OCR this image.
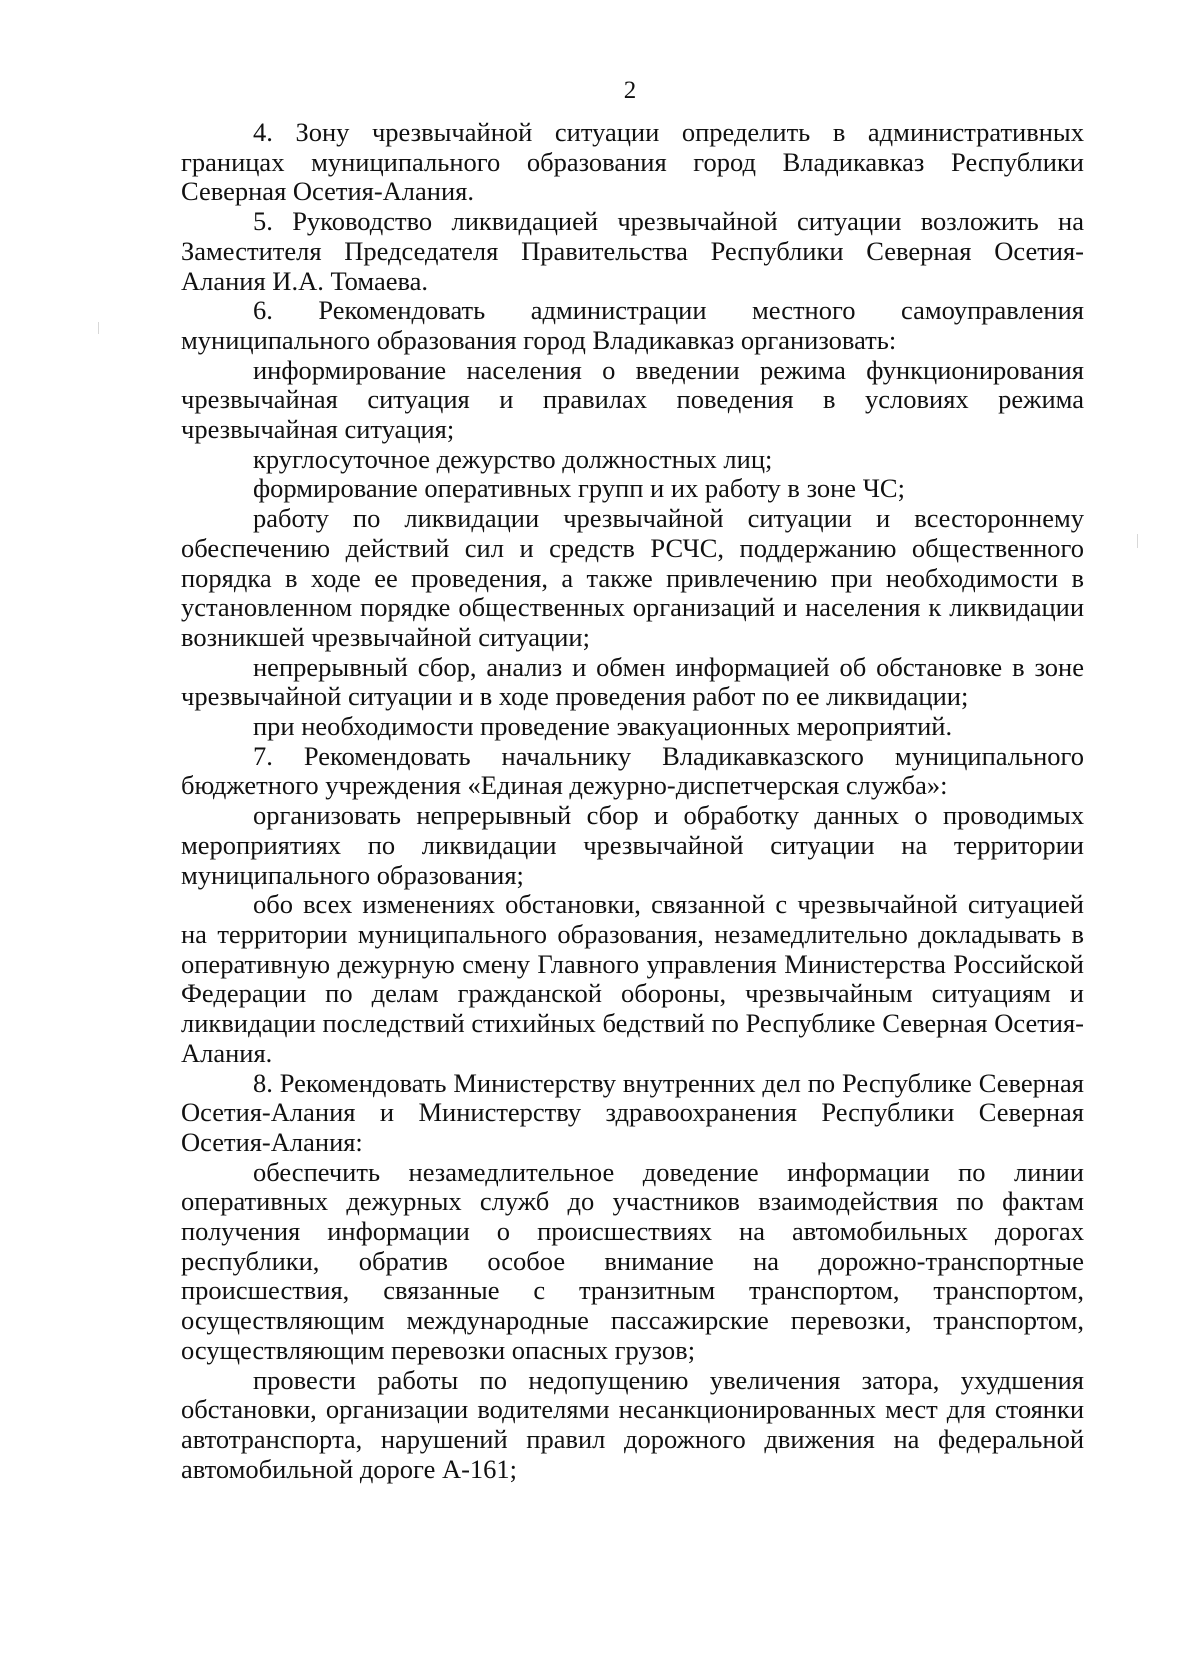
2

4. Зону чрезвычайной ситуации определить в административных границах муниципального образования город Владикавказ Республики Северная Осетия-Алания.

5. Руководство ликвидацией чрезвычайной ситуации возложить на Заместителя Председателя Правительства Республики Северная Осетия-Алания И.А. Томаева.

6. Рекомендовать администрации местного самоуправления муниципального образования город Владикавказ организовать:

информирование населения о введении режима функционирования чрезвычайная ситуация и правилах поведения в условиях режима чрезвычайная ситуация;

круглосуточное дежурство должностных лиц;

формирование оперативных групп и их работу в зоне ЧС;

работу по ликвидации чрезвычайной ситуации и всестороннему обеспечению действий сил и средств РСЧС, поддержанию общественного порядка в ходе ее проведения, а также привлечению при необходимости в установленном порядке общественных организаций и населения к ликвидации возникшей чрезвычайной ситуации;

непрерывный сбор, анализ и обмен информацией об обстановке в зоне чрезвычайной ситуации и в ходе проведения работ по ее ликвидации;

при необходимости проведение эвакуационных мероприятий.

7. Рекомендовать начальнику Владикавказского муниципального бюджетного учреждения «Единая дежурно-диспетчерская служба»:

организовать непрерывный сбор и обработку данных о проводимых мероприятиях по ликвидации чрезвычайной ситуации на территории муниципального образования;

обо всех изменениях обстановки, связанной с чрезвычайной ситуацией на территории муниципального образования, незамедлительно докладывать в оперативную дежурную смену Главного управления Министерства Российской Федерации по делам гражданской обороны, чрезвычайным ситуациям и ликвидации последствий стихийных бедствий по Республике Северная Осетия-Алания.

8. Рекомендовать Министерству внутренних дел по Республике Северная Осетия-Алания и Министерству здравоохранения Республики Северная Осетия-Алания:

обеспечить незамедлительное доведение информации по линии оперативных дежурных служб до участников взаимодействия по фактам получения информации о происшествиях на автомобильных дорогах республики, обратив особое внимание на дорожно-транспортные происшествия, связанные с транзитным транспортом, транспортом, осуществляющим международные пассажирские перевозки, транспортом, осуществляющим перевозки опасных грузов;

провести работы по недопущению увеличения затора, ухудшения обстановки, организации водителями несанкционированных мест для стоянки автотранспорта, нарушений правил дорожного движения на федеральной автомобильной дороге А-161;
